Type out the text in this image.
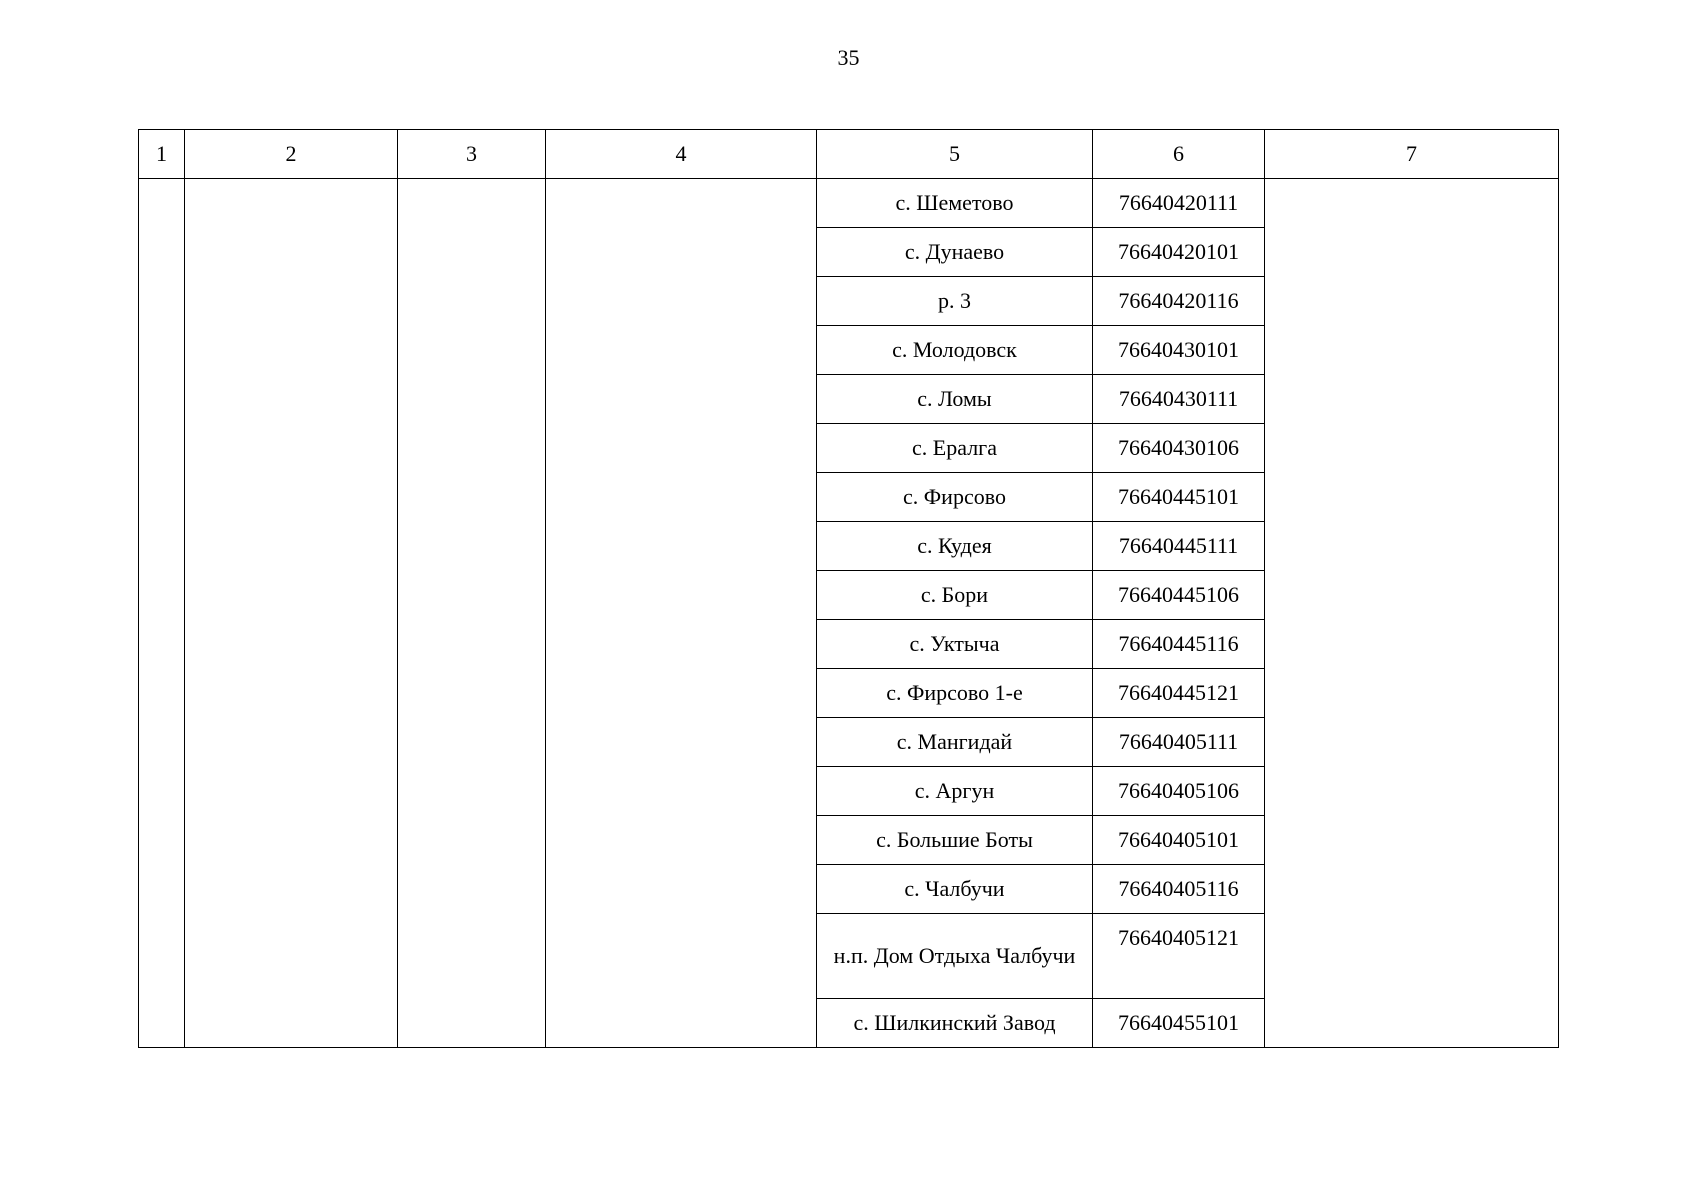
35
1	2	3	4	5	6	7
				с. Шеметово	76640420111	
				с. Дунаево	76640420101	
				р. 3	76640420116	
				с. Молодовск	76640430101	
				с. Ломы	76640430111	
				с. Ералга	76640430106	
				с. Фирсово	76640445101	
				с. Кудея	76640445111	
				с. Бори	76640445106	
				с. Уктыча	76640445116	
				с. Фирсово 1-е	76640445121	
				с. Мангидай	76640405111	
				с. Аргун	76640405106	
				с. Большие Боты	76640405101	
				с. Чалбучи	76640405116	
				н.п. Дом Отдыха Чалбучи	76640405121	
				с. Шилкинский Завод	76640455101	
